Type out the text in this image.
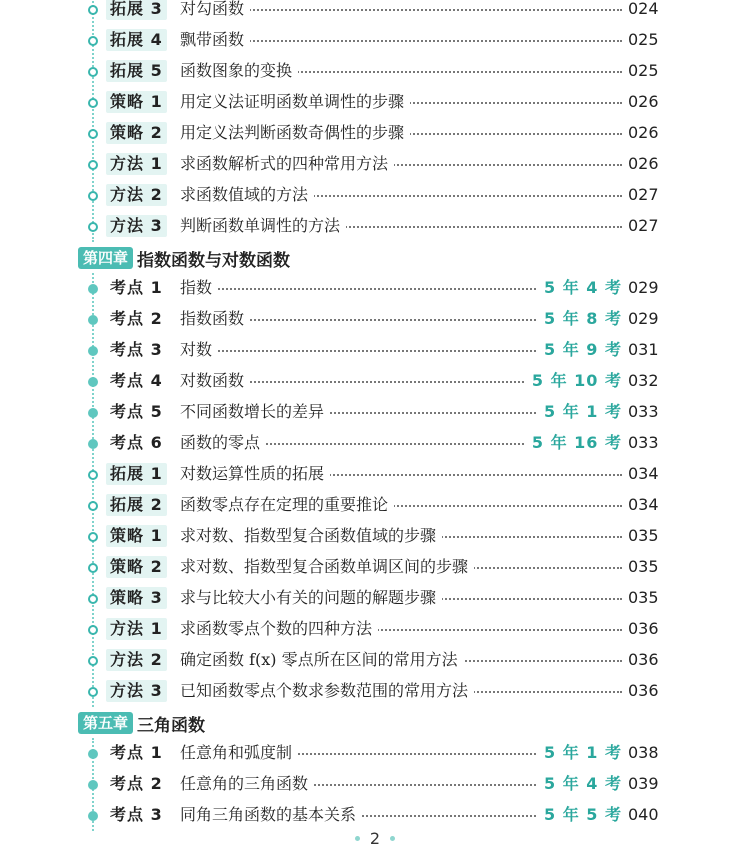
拓展 3 对勾函数	024
拓展 4 飘带函数	025
拓展 5 函数图象的变换	025
策略 1 用定义法证明函数单调性的步骤	026
策略 2 用定义法判断函数奇偶性的步骤	026
方法 1 求函数解析式的四种常用方法	026
方法 2 求函数值域的方法	027
方法 3 判断函数单调性的方法	027
第四章 指数函数与对数函数
考点 1 指数	5 年 4 考 029
考点 2 指数函数	5 年 8 考 029
考点 3 对数	5 年 9 考 031
考点 4 对数函数	5 年 10 考 032
考点 5 不同函数增长的差异	5 年 1 考 033
考点 6 函数的零点	5 年 16 考 033
拓展 1 对数运算性质的拓展	034
拓展 2 函数零点存在定理的重要推论	034
策略 1 求对数、指数型复合函数值域的步骤	035
策略 2 求对数、指数型复合函数单调区间的步骤	035
策略 3 求与比较大小有关的问题的解题步骤	035
方法 1 求函数零点个数的四种方法	036
方法 2 确定函数 f(x) 零点所在区间的常用方法	036
方法 3 已知函数零点个数求参数范围的常用方法	036
第五章 三角函数
考点 1 任意角和弧度制	5 年 1 考 038
考点 2 任意角的三角函数	5 年 4 考 039
考点 3 同角三角函数的基本关系	5 年 5 考 040
2
